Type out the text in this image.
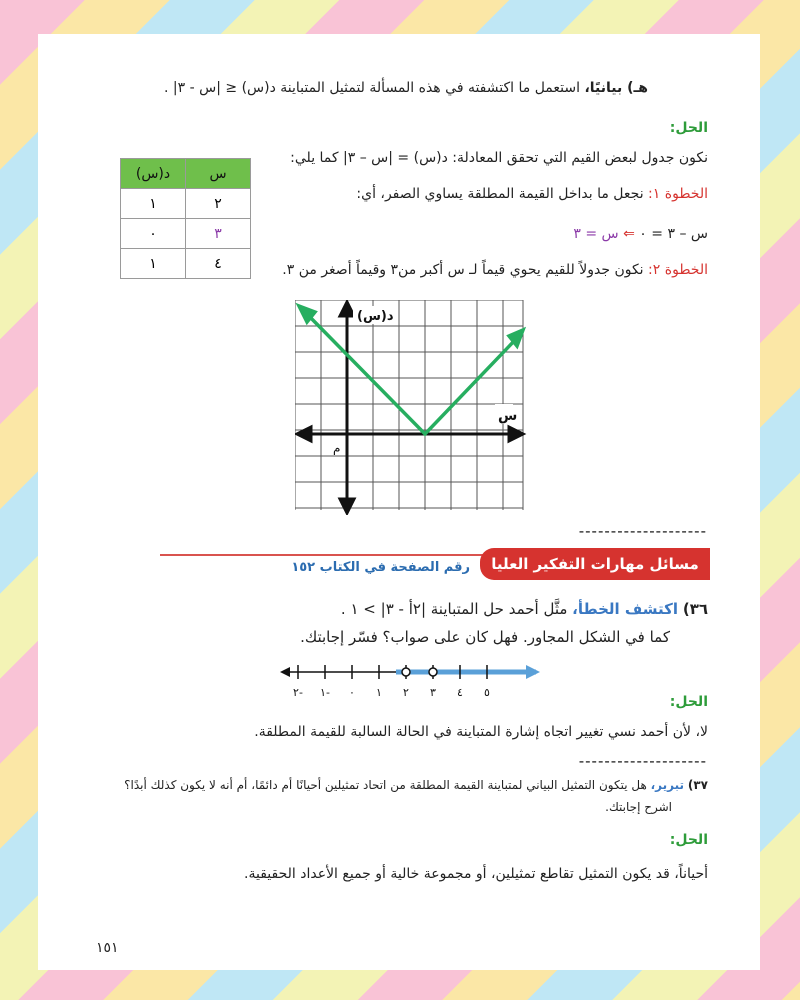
هـ) بيانيًا، استعمل ما اكتشفته في هذه المسألة لتمثيل المتباينة د(س) ≤ |س - ٣| .
الحل:
نكون جدول لبعض القيم التي تحقق المعادلة: د(س) = |س – ٣| كما يلي:
الخطوة ١: نجعل ما بداخل القيمة المطلقة يساوي الصفر، أي:
س – ٣ = ٠ ⇐ س = ٣
الخطوة ٢: نكون جدولاً للقيم يحوي قيماً لـ س أكبر من٣ وقيماً أصغر من ٣.
د(س)	س
١	٢
٠	٣
١	٤
د(س)
س
م
--------------------
مسائل مهارات التفكير العليا
رقم الصفحة في الكتاب ١٥٢
٣٦) اكتشف الخطأ، مثَّل أحمد حل المتباينة |٢أ - ٣| > ١ .
كما في الشكل المجاور. فهل كان على صواب؟ فسّر إجابتك.
٢- ١- ٠ ١ ٢ ٣ ٤ ٥
الحل:
لا، لأن أحمد نسي تغيير اتجاه إشارة المتباينة في الحالة السالبة للقيمة المطلقة.
--------------------
٣٧) تبرير، هل يتكون التمثيل البياني لمتباينة القيمة المطلقة من اتحاد تمثيلين أحيانًا أم دائمًا، أم أنه لا يكون كذلك أبدًا؟
اشرح إجابتك.
الحل:
أحياناً، قد يكون التمثيل تقاطع تمثيلين، أو مجموعة خالية أو جميع الأعداد الحقيقية.
١٥١
